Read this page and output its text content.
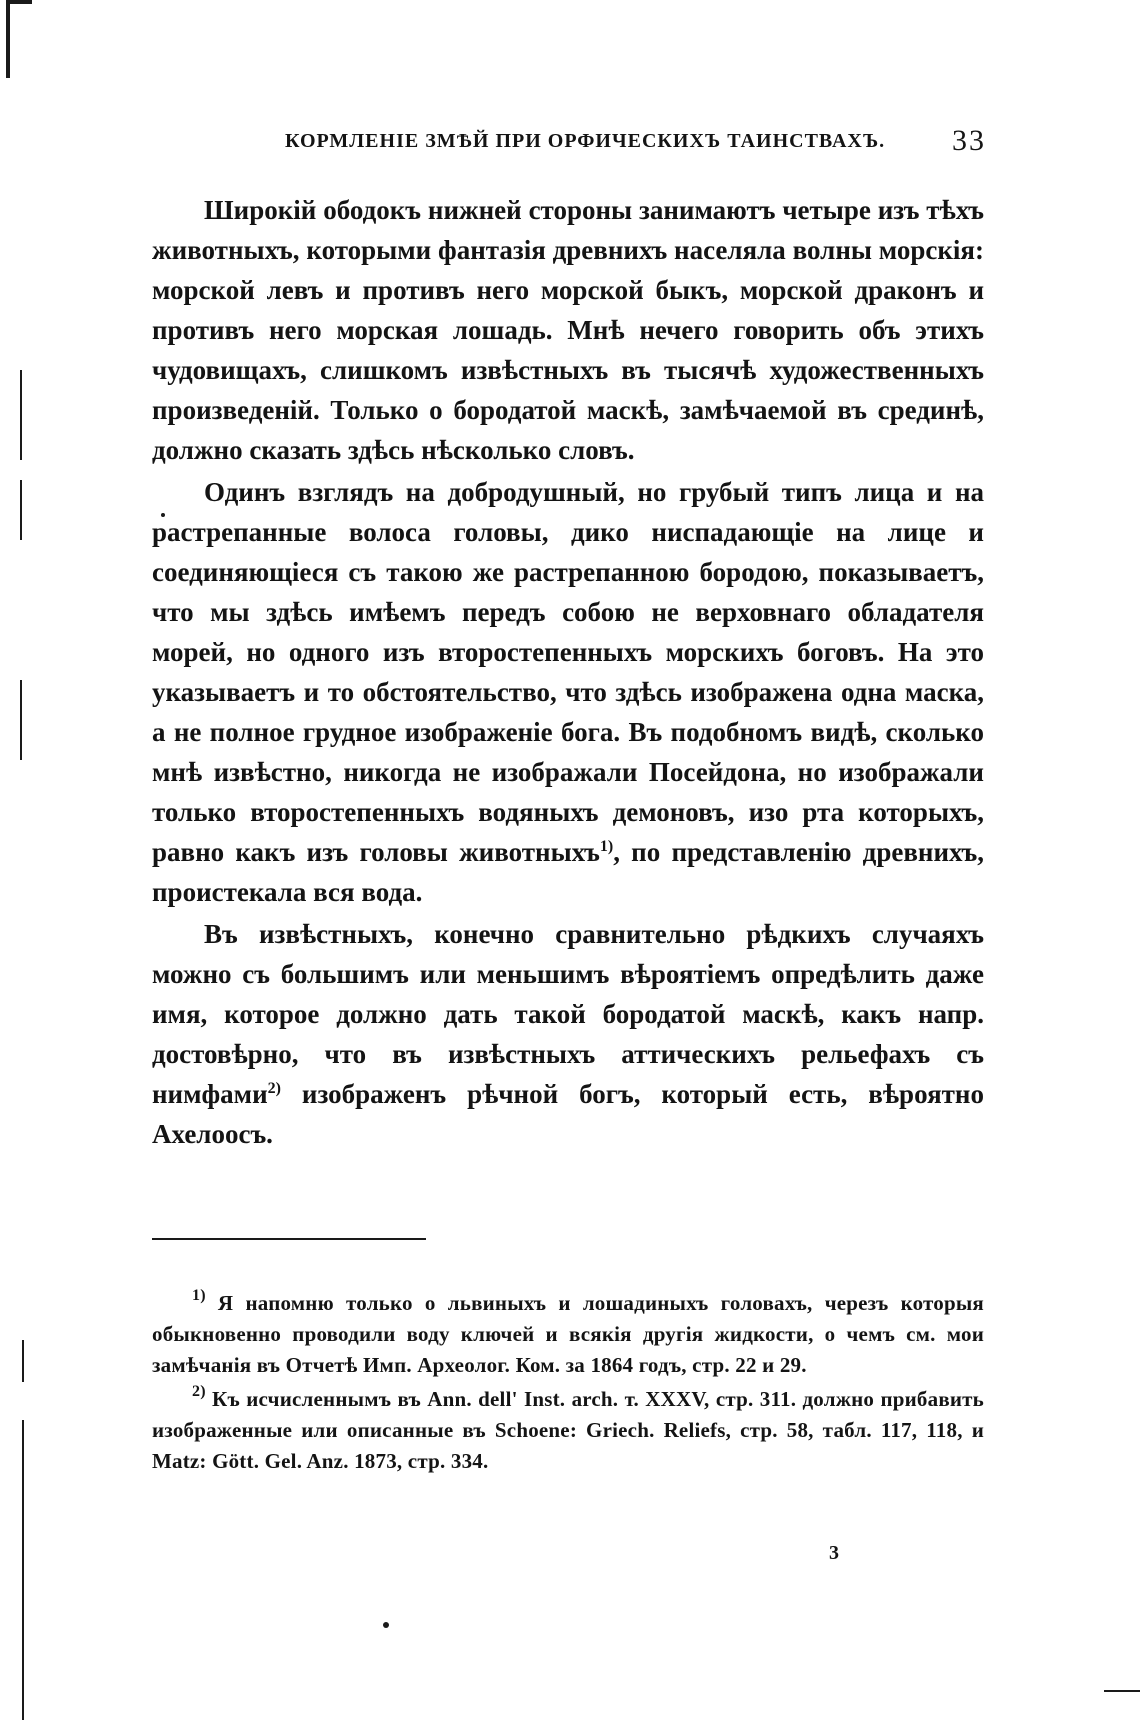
КОРМЛЕНІЕ ЗМѢЙ ПРИ ОРФИЧЕСКИХЪ ТАИНСТВАХЪ. 33

Широкій ободокъ нижней стороны занимаютъ четыре изъ тѣхъ животныхъ, которыми фантазія древнихъ населяла волны морскія: морской левъ и противъ него морской быкъ, морской драконъ и противъ него морская лошадь. Мнѣ нечего говорить объ этихъ чудовищахъ, слишкомъ извѣстныхъ въ тысячѣ художественныхъ произведеній. Только о бородатой маскѣ, замѣчаемой въ срединѣ, должно сказать здѣсь нѣсколько словъ.

Одинъ взглядъ на добродушный, но грубый типъ лица и на растрепанные волоса головы, дико ниспадающіе на лице и соединяющіеся съ такою же растрепанною бородою, показываетъ, что мы здѣсь имѣемъ передъ собою не верховнаго обладателя морей, но одного изъ второстепенныхъ морскихъ боговъ. На это указываетъ и то обстоятельство, что здѣсь изображена одна маска, а не полное грудное изображеніе бога. Въ подобномъ видѣ, сколько мнѣ извѣстно, никогда не изображали Посейдона, но изображали только второстепенныхъ водяныхъ демоновъ, изо рта которыхъ, равно какъ изъ головы животныхъ$^{1)}$, по представленію древнихъ, проистекала вся вода.

Въ извѣстныхъ, конечно сравнительно рѣдкихъ случаяхъ можно съ большимъ или меньшимъ вѣроятіемъ опредѣлить даже имя, которое должно дать такой бородатой маскѣ, какъ напр. достовѣрно, что въ извѣстныхъ аттическихъ рельефахъ съ нимфами$^{2)}$ изображенъ рѣчной богъ, который есть, вѣроятно Ахелоосъ.

$^{1)}$ Я напомню только о львиныхъ и лошадиныхъ головахъ, черезъ которыя обыкновенно проводили воду ключей и всякія другія жидкости, о чемъ см. мои замѣчанія въ Отчетѣ Имп. Археолог. Ком. за 1864 годъ, стр. 22 и 29.

$^{2)}$ Къ исчисленнымъ въ Ann. dell' Inst. arch. т. XXXV, стр. 311. должно прибавить изображенные или описанные въ Schoene: Griech. Reliefs, стр. 58, табл. 117, 118, и Matz: Gött. Gel. Anz. 1873, стр. 334.

3
